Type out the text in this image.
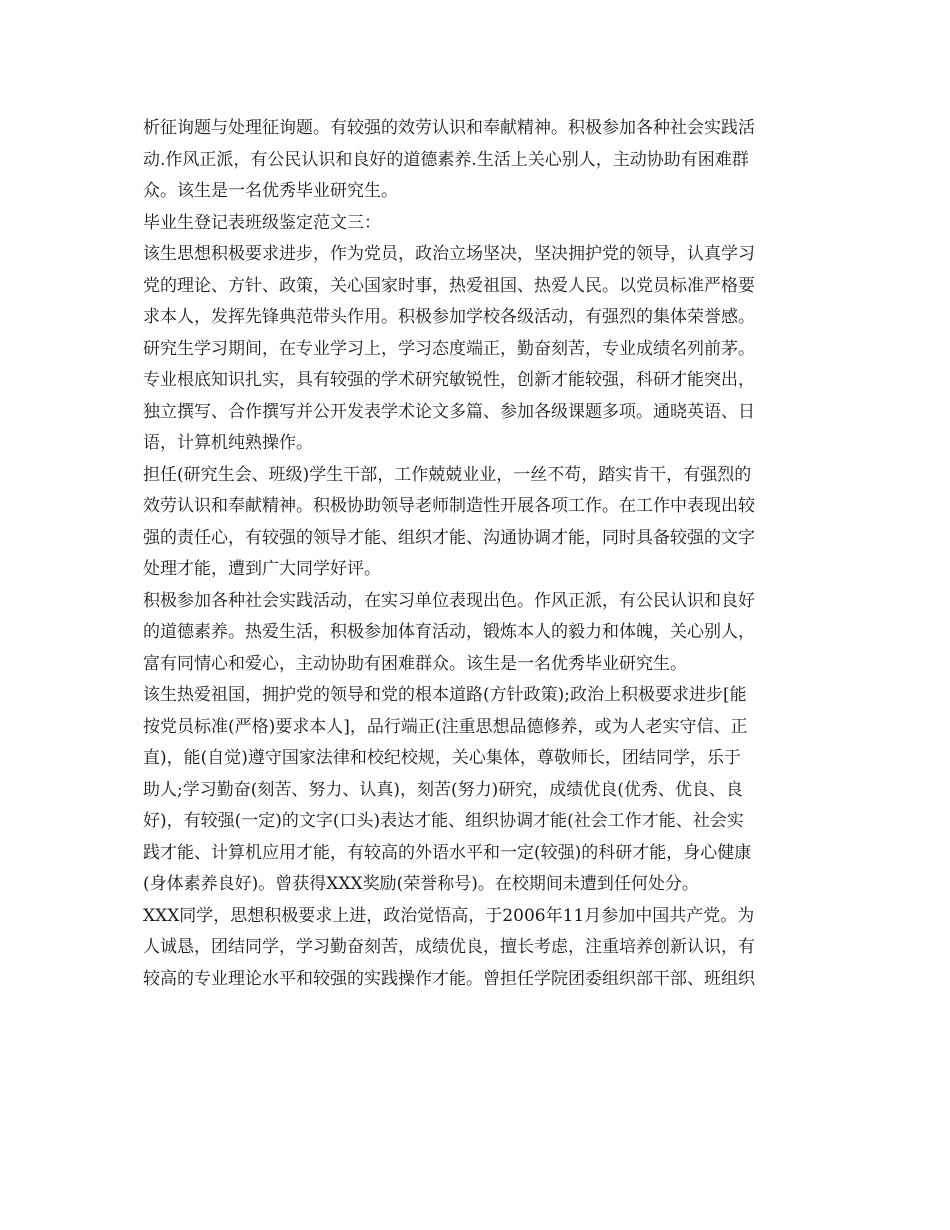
析征询题与处理征询题。有较强的效劳认识和奉献精神。积极参加各种社会实践活
动.作风正派，有公民认识和良好的道德素养.生活上关心别人，主动协助有困难群
众。该生是一名优秀毕业研究生。
毕业生登记表班级鉴定范文三：
该生思想积极要求进步，作为党员，政治立场坚决，坚决拥护党的领导，认真学习
党的理论、方针、政策，关心国家时事，热爱祖国、热爱人民。以党员标准严格要
求本人，发挥先锋典范带头作用。积极参加学校各级活动，有强烈的集体荣誉感。
研究生学习期间，在专业学习上，学习态度端正，勤奋刻苦，专业成绩名列前茅。
专业根底知识扎实，具有较强的学术研究敏锐性，创新才能较强，科研才能突出，
独立撰写、合作撰写并公开发表学术论文多篇、参加各级课题多项。通晓英语、日
语，计算机纯熟操作。
担任(研究生会、班级)学生干部，工作兢兢业业，一丝不苟，踏实肯干，有强烈的
效劳认识和奉献精神。积极协助领导老师制造性开展各项工作。在工作中表现出较
强的责任心，有较强的领导才能、组织才能、沟通协调才能，同时具备较强的文字
处理才能，遭到广大同学好评。
积极参加各种社会实践活动，在实习单位表现出色。作风正派，有公民认识和良好
的道德素养。热爱生活，积极参加体育活动，锻炼本人的毅力和体魄，关心别人，
富有同情心和爱心，主动协助有困难群众。该生是一名优秀毕业研究生。
该生热爱祖国，拥护党的领导和党的根本道路(方针政策);政治上积极要求进步[能
按党员标准(严格)要求本人]，品行端正(注重思想品德修养，或为人老实守信、正
直)，能(自觉)遵守国家法律和校纪校规，关心集体，尊敬师长，团结同学，乐于
助人;学习勤奋(刻苦、努力、认真)，刻苦(努力)研究，成绩优良(优秀、优良、良
好)，有较强(一定)的文字(口头)表达才能、组织协调才能(社会工作才能、社会实
践才能、计算机应用才能，有较高的外语水平和一定(较强)的科研才能，身心健康
(身体素养良好)。曾获得XXX奖励(荣誉称号)。在校期间未遭到任何处分。
XXX同学，思想积极要求上进，政治觉悟高，于2006年11月参加中国共产党。为
人诚恳，团结同学，学习勤奋刻苦，成绩优良，擅长考虑，注重培养创新认识，有
较高的专业理论水平和较强的实践操作才能。曾担任学院团委组织部干部、班组织
